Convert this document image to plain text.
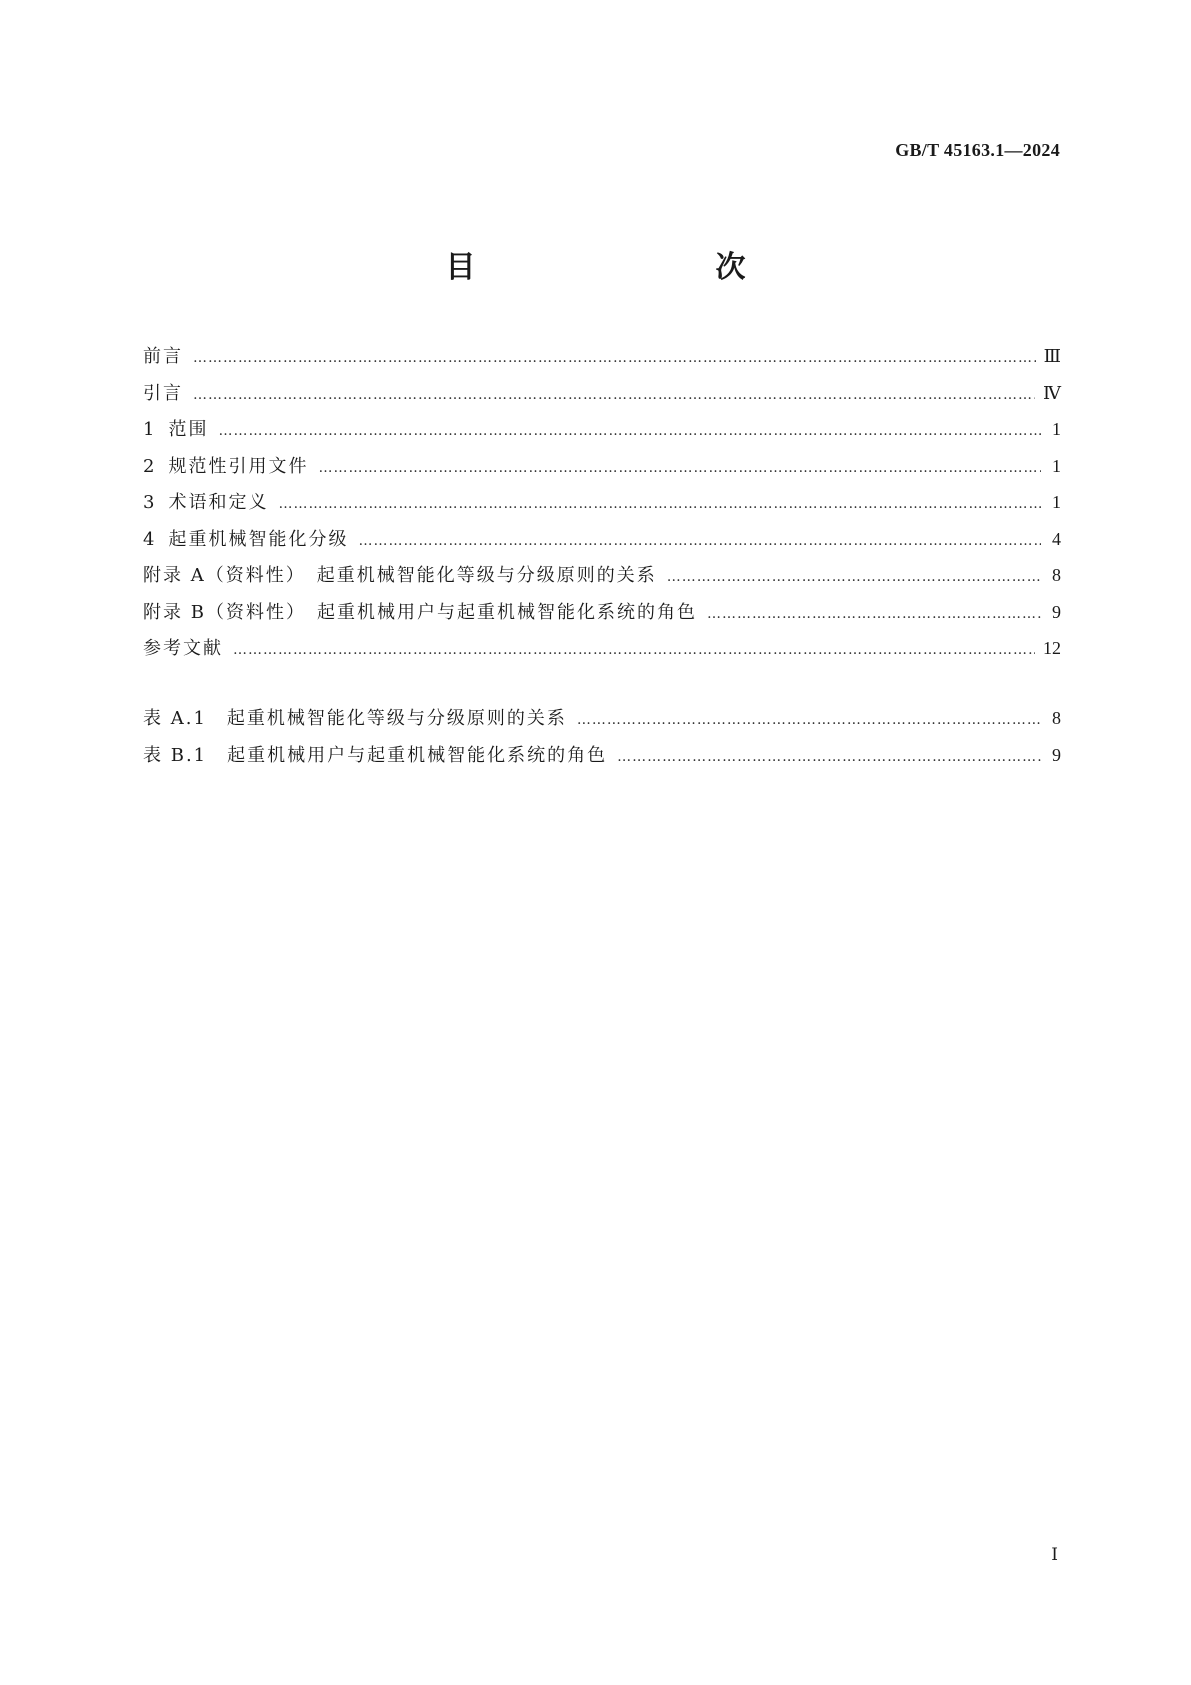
GB/T 45163.1—2024
目　　次
前言 …………………………………………………………………………………………………………………………………………………………………………………………………………………	Ⅲ
引言 …………………………………………………………………………………………………………………………………………………………………………………………………………………	Ⅳ
1 范围 …………………………………………………………………………………………………………………………………………………………………………………………………………………	1
2 规范性引用文件 …………………………………………………………………………………………………………………………………………………………………………………………………………………	1
3 术语和定义 …………………………………………………………………………………………………………………………………………………………………………………………………………………	1
4 起重机械智能化分级 …………………………………………………………………………………………………………………………………………………………………………………………………………………	4
附录 A（资料性）　起重机械智能化等级与分级原则的关系 …………………………………………………………………………………………………………………………………………………………………………………………………………………	8
附录 B（资料性）　起重机械用户与起重机械智能化系统的角色 …………………………………………………………………………………………………………………………………………………………………………………………………………………	9
参考文献 …………………………………………………………………………………………………………………………………………………………………………………………………………………	12
表 A.1　起重机械智能化等级与分级原则的关系 …………………………………………………………………………………………………………………………………………………………………………………………………………………	8
表 B.1　起重机械用户与起重机械智能化系统的角色 …………………………………………………………………………………………………………………………………………………………………………………………………………………	9
Ⅰ
